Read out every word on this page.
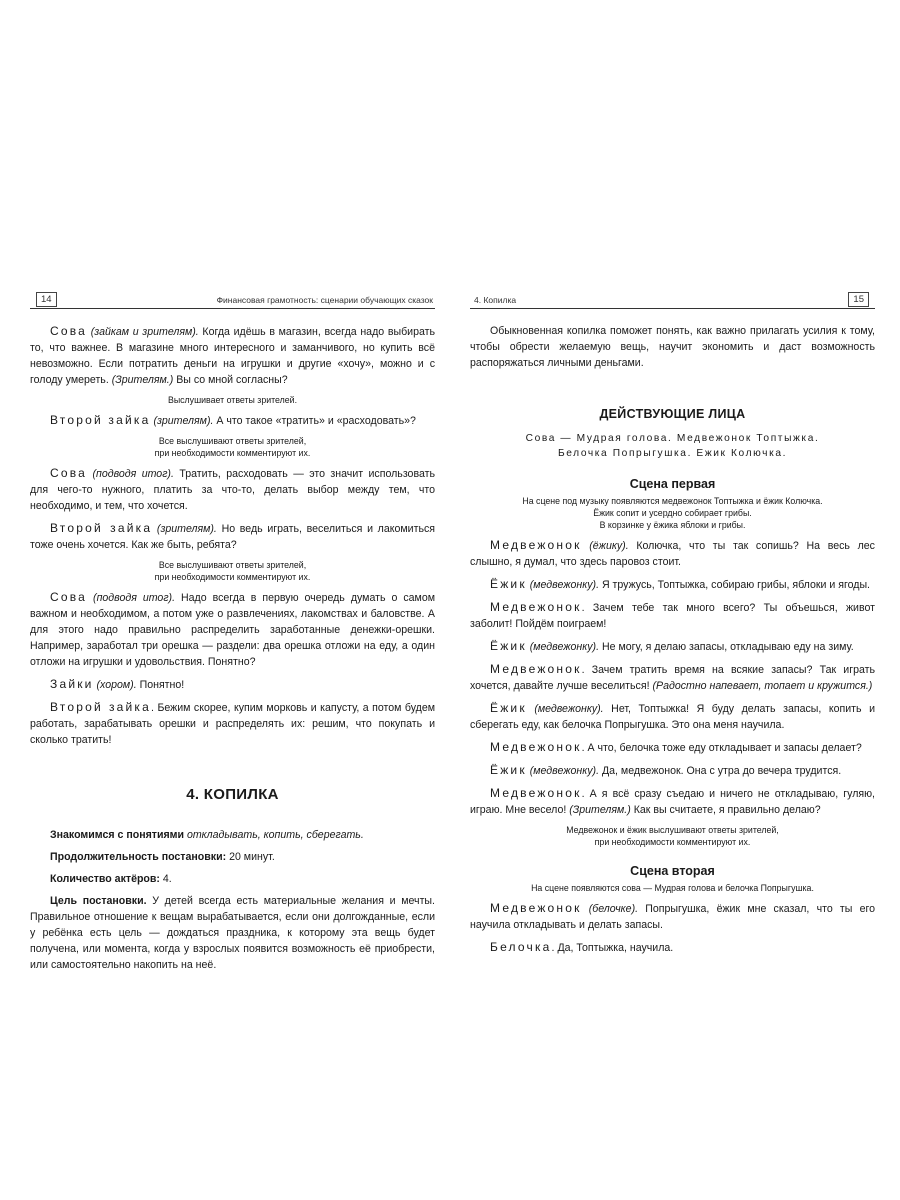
14	Финансовая грамотность: сценарии обучающих сказок

Сова (зайкам и зрителям). Когда идёшь в магазин, всегда надо выбирать то, что важнее. В магазине много интересного и заманчивого, но купить всё невозможно. Если потратить деньги на игрушки и другие «хочу», можно и с голоду умереть. (Зрителям.) Вы со мной согласны?

Выслушивает ответы зрителей.

Второй зайка (зрителям). А что такое «тратить» и «расходовать»?

Все выслушивают ответы зрителей,
при необходимости комментируют их.

Сова (подводя итог). Тратить, расходовать — это значит использовать для чего-то нужного, платить за что-то, делать выбор между тем, что необходимо, и тем, что хочется.

Второй зайка (зрителям). Но ведь играть, веселиться и лакомиться тоже очень хочется. Как же быть, ребята?

Все выслушивают ответы зрителей,
при необходимости комментируют их.

Сова (подводя итог). Надо всегда в первую очередь думать о самом важном и необходимом, а потом уже о развлечениях, лакомствах и баловстве. А для этого надо правильно распределить заработанные денежки-орешки. Например, заработал три орешка — раздели: два орешка отложи на еду, а один отложи на игрушки и удовольствия. Понятно?

Зайки (хором). Понятно!

Второй зайка. Бежим скорее, купим морковь и капусту, а потом будем работать, зарабатывать орешки и распределять их: решим, что покупать и сколько тратить!

4. КОПИЛКА

Знакомимся с понятиями откладывать, копить, сберегать.

Продолжительность постановки: 20 минут.

Количество актёров: 4.

Цель постановки. У детей всегда есть материальные желания и мечты. Правильное отношение к вещам вырабатывается, если они долгожданные, если у ребёнка есть цель — дождаться праздника, к которому эта вещь будет получена, или момента, когда у взрослых появится возможность её приобрести, или самостоятельно накопить на неё.

4. Копилка	15

Обыкновенная копилка поможет понять, как важно прилагать усилия к тому, чтобы обрести желаемую вещь, научит экономить и даст возможность распоряжаться личными деньгами.

ДЕЙСТВУЮЩИЕ ЛИЦА
Сова — Мудрая голова. Медвежонок Топтыжка.
Белочка Попрыгушка. Ежик Колючка.
Сцена первая
На сцене под музыку появляются медвежонок Топтыжка и ёжик Колючка.
Ёжик сопит и усердно собирает грибы.
В корзинке у ёжика яблоки и грибы.

Медвежонок (ёжику). Колючка, что ты так сопишь? На весь лес слышно, я думал, что здесь паровоз стоит.

Ёжик (медвежонку). Я тружусь, Топтыжка, собираю грибы, яблоки и ягоды.

Медвежонок. Зачем тебе так много всего? Ты объешься, живот заболит! Пойдём поиграем!

Ёжик (медвежонку). Не могу, я делаю запасы, откладываю еду на зиму.

Медвежонок. Зачем тратить время на всякие запасы? Так играть хочется, давайте лучше веселиться! (Радостно напевает, топает и кружится.)

Ёжик (медвежонку). Нет, Топтыжка! Я буду делать запасы, копить и сберегать еду, как белочка Попрыгушка. Это она меня научила.

Медвежонок. А что, белочка тоже еду откладывает и запасы делает?

Ёжик (медвежонку). Да, медвежонок. Она с утра до вечера трудится.

Медвежонок. А я всё сразу съедаю и ничего не откладываю, гуляю, играю. Мне весело! (Зрителям.) Как вы считаете, я правильно делаю?

Медвежонок и ёжик выслушивают ответы зрителей,
при необходимости комментируют их.
Сцена вторая
На сцене появляются сова — Мудрая голова и белочка Попрыгушка.

Медвежонок (белочке). Попрыгушка, ёжик мне сказал, что ты его научила откладывать и делать запасы.

Белочка. Да, Топтыжка, научила.
